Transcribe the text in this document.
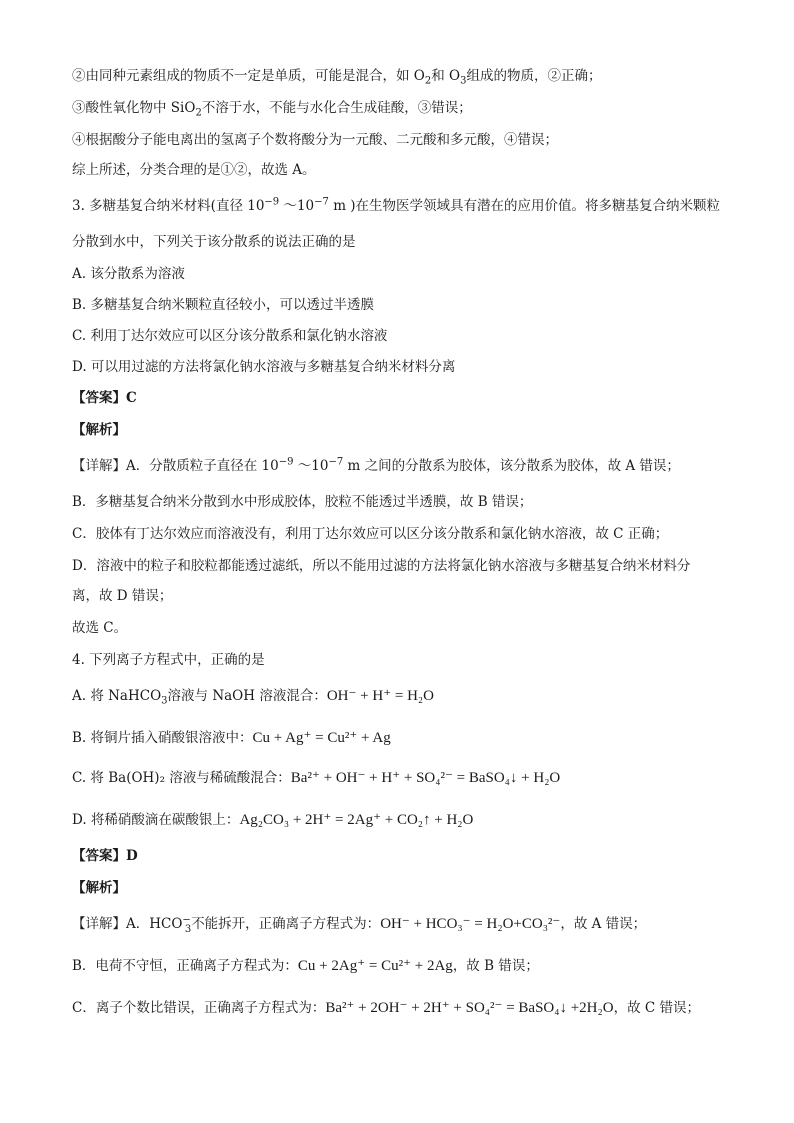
②由同种元素组成的物质不一定是单质，可能是混合，如 $O_2$和 $O_3$组成的物质，②正确；
③酸性氧化物中 SiO$_2$不溶于水，不能与水化合生成硅酸，③错误；
④根据酸分子能电离出的氢离子个数将酸分为一元酸、二元酸和多元酸，④错误；
综上所述，分类合理的是①②，故选 A。
3. 多糖基复合纳米材料(直径 $10^{-9}$ $\sim 10^{-7}$ m )在生物医学领域具有潜在的应用价值。将多糖基复合纳米颗粒
分散到水中，下列关于该分散系的说法正确的是
A. 该分散系为溶液
B. 多糖基复合纳米颗粒直径较小，可以透过半透膜
C. 利用丁达尔效应可以区分该分散系和氯化钠水溶液
D. 可以用过滤的方法将氯化钠水溶液与多糖基复合纳米材料分离
【答案】C
【解析】
【详解】A．分散质粒子直径在 $10^{-9}$ $\sim 10^{-7}$ m 之间的分散系为胶体，该分散系为胶体，故 A 错误；
B．多糖基复合纳米分散到水中形成胶体，胶粒不能透过半透膜，故 B 错误；
C．胶体有丁达尔效应而溶液没有，利用丁达尔效应可以区分该分散系和氯化钠水溶液，故 C 正确；
D．溶液中的粒子和胶粒都能透过滤纸，所以不能用过滤的方法将氯化钠水溶液与多糖基复合纳米材料分
离，故 D 错误；
故选 C。
4. 下列离子方程式中，正确的是
A. 将 NaHCO$_3$溶液与 NaOH 溶液混合：OH⁻ + H⁺ = H₂O
B. 将铜片插入硝酸银溶液中：Cu + Ag⁺ = Cu²⁺ + Ag
C. 将 Ba(OH)₂ 溶液与稀硫酸混合：Ba²⁺ + OH⁻ + H⁺ + SO₄²⁻ = BaSO₄↓ + H₂O
D. 将稀硝酸滴在碳酸银上：Ag₂CO₃ + 2H⁺ = 2Ag⁺ + CO₂↑ + H₂O
【答案】D
【解析】
【详解】A．$HCO^-_3$不能拆开，正确离子方程式为：OH⁻ + HCO₃⁻ = H₂O+CO₃²⁻，故 A 错误；
B．电荷不守恒，正确离子方程式为：Cu + 2Ag⁺ = Cu²⁺ + 2Ag，故 B 错误；
C．离子个数比错误，正确离子方程式为：Ba²⁺ + 2OH⁻ + 2H⁺ + SO₄²⁻ = BaSO₄↓ +2H₂O，故 C 错误；
